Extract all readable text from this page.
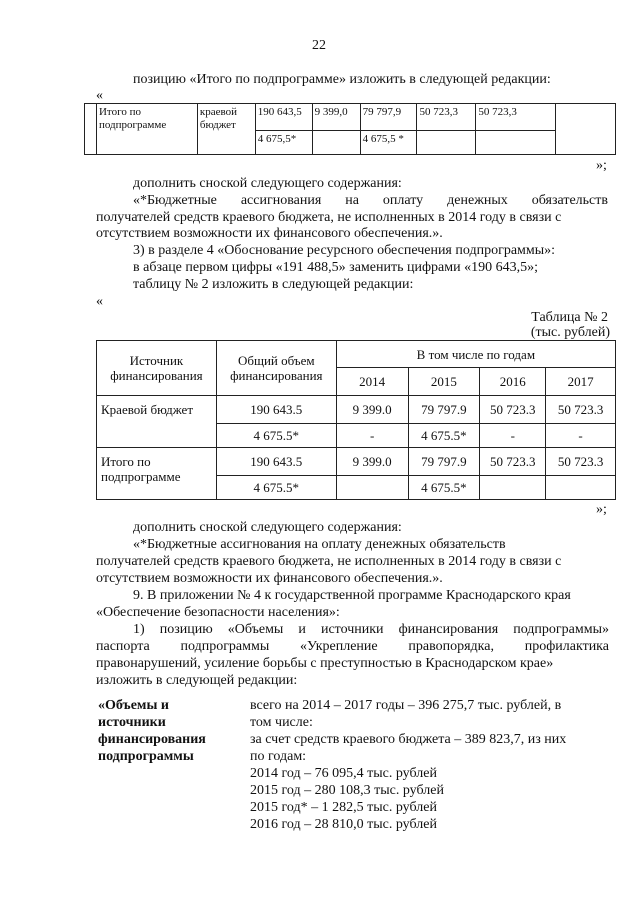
22
позицию «Итого по подпрограмме» изложить в следующей редакции:
«
	Итого по подпрограмме	краевой бюджет	190 643,5	9 399,0	79 797,9	50 723,3	50 723,3	
			4 675,5*		4 675,5 *			
»;
дополнить сноской следующего содержания:
«*Бюджетные ассигнования на оплату денежных обязательств
получателей средств краевого бюджета, не исполненных в 2014 году в связи с
отсутствием возможности их финансового обеспечения.».
3) в разделе 4 «Обоснование ресурсного обеспечения подпрограммы»:
в абзаце первом цифры «191 488,5» заменить цифрами «190 643,5»;
таблицу № 2 изложить в следующей редакции:
«
Таблица № 2
(тыс. рублей)
Источник финансирования	Общий объем финансирования	В том числе по годам			
		2014	2015	2016	2017
Краевой бюджет	190 643.5	9 399.0	79 797.9	50 723.3	50 723.3
	4 675.5*	-	4 675.5*	-	-
Итого по подпрограмме	190 643.5	9 399.0	79 797.9	50 723.3	50 723.3
	4 675.5*		4 675.5*		
»;
дополнить сноской следующего содержания:
«*Бюджетные ассигнования на оплату денежных обязательств
получателей средств краевого бюджета, не исполненных в 2014 году в связи с
отсутствием возможности их финансового обеспечения.».
9. В приложении № 4 к государственной программе Краснодарского края
«Обеспечение безопасности населения»:
1) позицию «Объемы и источники финансирования подпрограммы»
паспорта подпрограммы «Укрепление правопорядка, профилактика
правонарушений, усиление борьбы с преступностью в Краснодарском крае»
изложить в следующей редакции:
«Объемы и
источники
финансирования
подпрограммы
всего на 2014 – 2017 годы – 396 275,7 тыс. рублей, в
том числе:
за счет средств краевого бюджета – 389 823,7, из них
по годам:
2014 год – 76 095,4 тыс. рублей
2015 год – 280 108,3 тыс. рублей
2015 год* – 1 282,5 тыс. рублей
2016 год – 28 810,0 тыс. рублей
